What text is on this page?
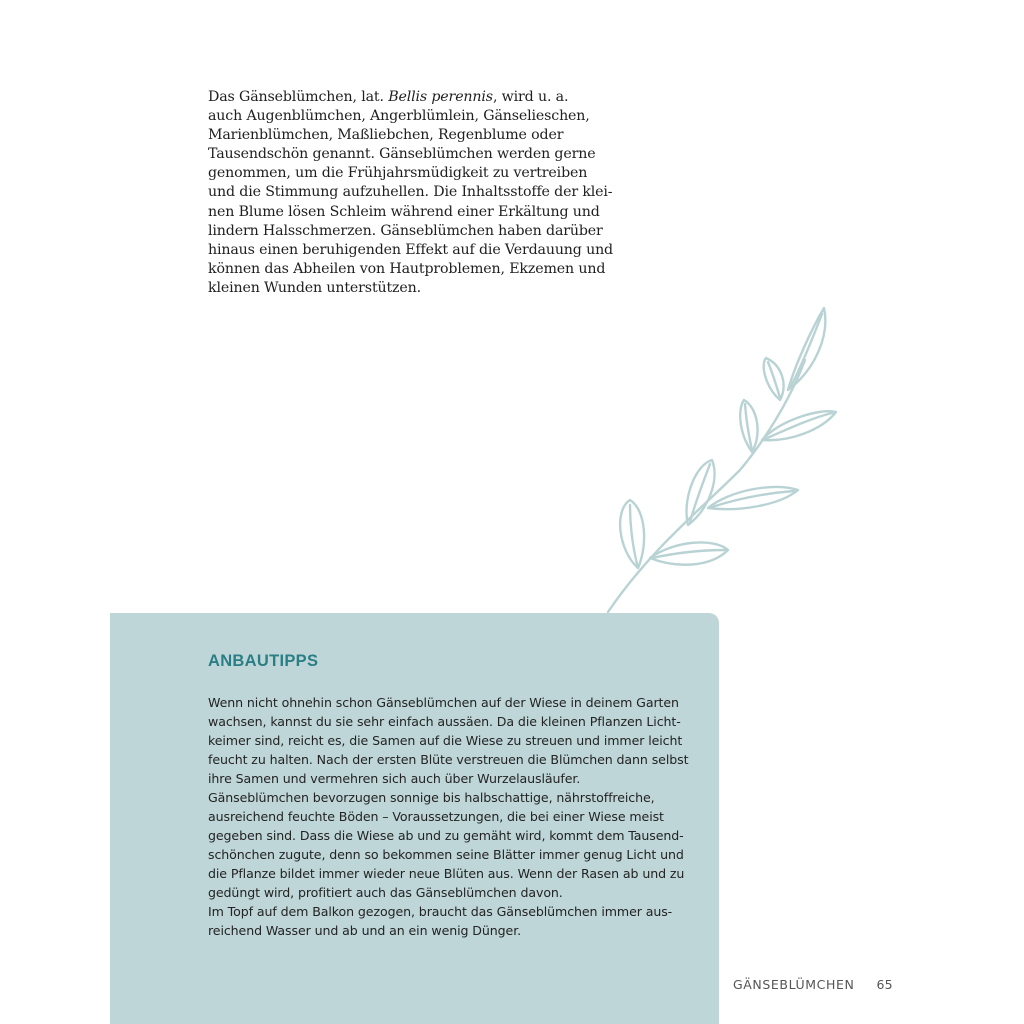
Das Gänseblümchen, lat. Bellis perennis, wird u. a.
auch Augenblümchen, Angerblümlein, Gänselieschen,
Marienblümchen, Maßliebchen, Regenblume oder
Tausendschön genannt. Gänseblümchen werden gerne
genommen, um die Frühjahrsmüdigkeit zu vertreiben
und die Stimmung aufzuhellen. Die Inhaltsstoffe der klei-
nen Blume lösen Schleim während einer Erkältung und
lindern Halsschmerzen. Gänseblümchen haben darüber
hinaus einen beruhigenden Effekt auf die Verdauung und
können das Abheilen von Hautproblemen, Ekzemen und
kleinen Wunden unterstützen.
ANBAUTIPPS
Wenn nicht ohnehin schon Gänseblümchen auf der Wiese in deinem Garten
wachsen, kannst du sie sehr einfach aussäen. Da die kleinen Pflanzen Licht-
keimer sind, reicht es, die Samen auf die Wiese zu streuen und immer leicht
feucht zu halten. Nach der ersten Blüte verstreuen die Blümchen dann selbst
ihre Samen und vermehren sich auch über Wurzelausläufer.
Gänseblümchen bevorzugen sonnige bis halbschattige, nährstoffreiche,
ausreichend feuchte Böden – Voraussetzungen, die bei einer Wiese meist
gegeben sind. Dass die Wiese ab und zu gemäht wird, kommt dem Tausend-
schönchen zugute, denn so bekommen seine Blätter immer genug Licht und
die Pflanze bildet immer wieder neue Blüten aus. Wenn der Rasen ab und zu
gedüngt wird, profitiert auch das Gänseblümchen davon.
Im Topf auf dem Balkon gezogen, braucht das Gänseblümchen immer aus-
reichend Wasser und ab und an ein wenig Dünger.
GÄNSEBLÜMCHEN 65
